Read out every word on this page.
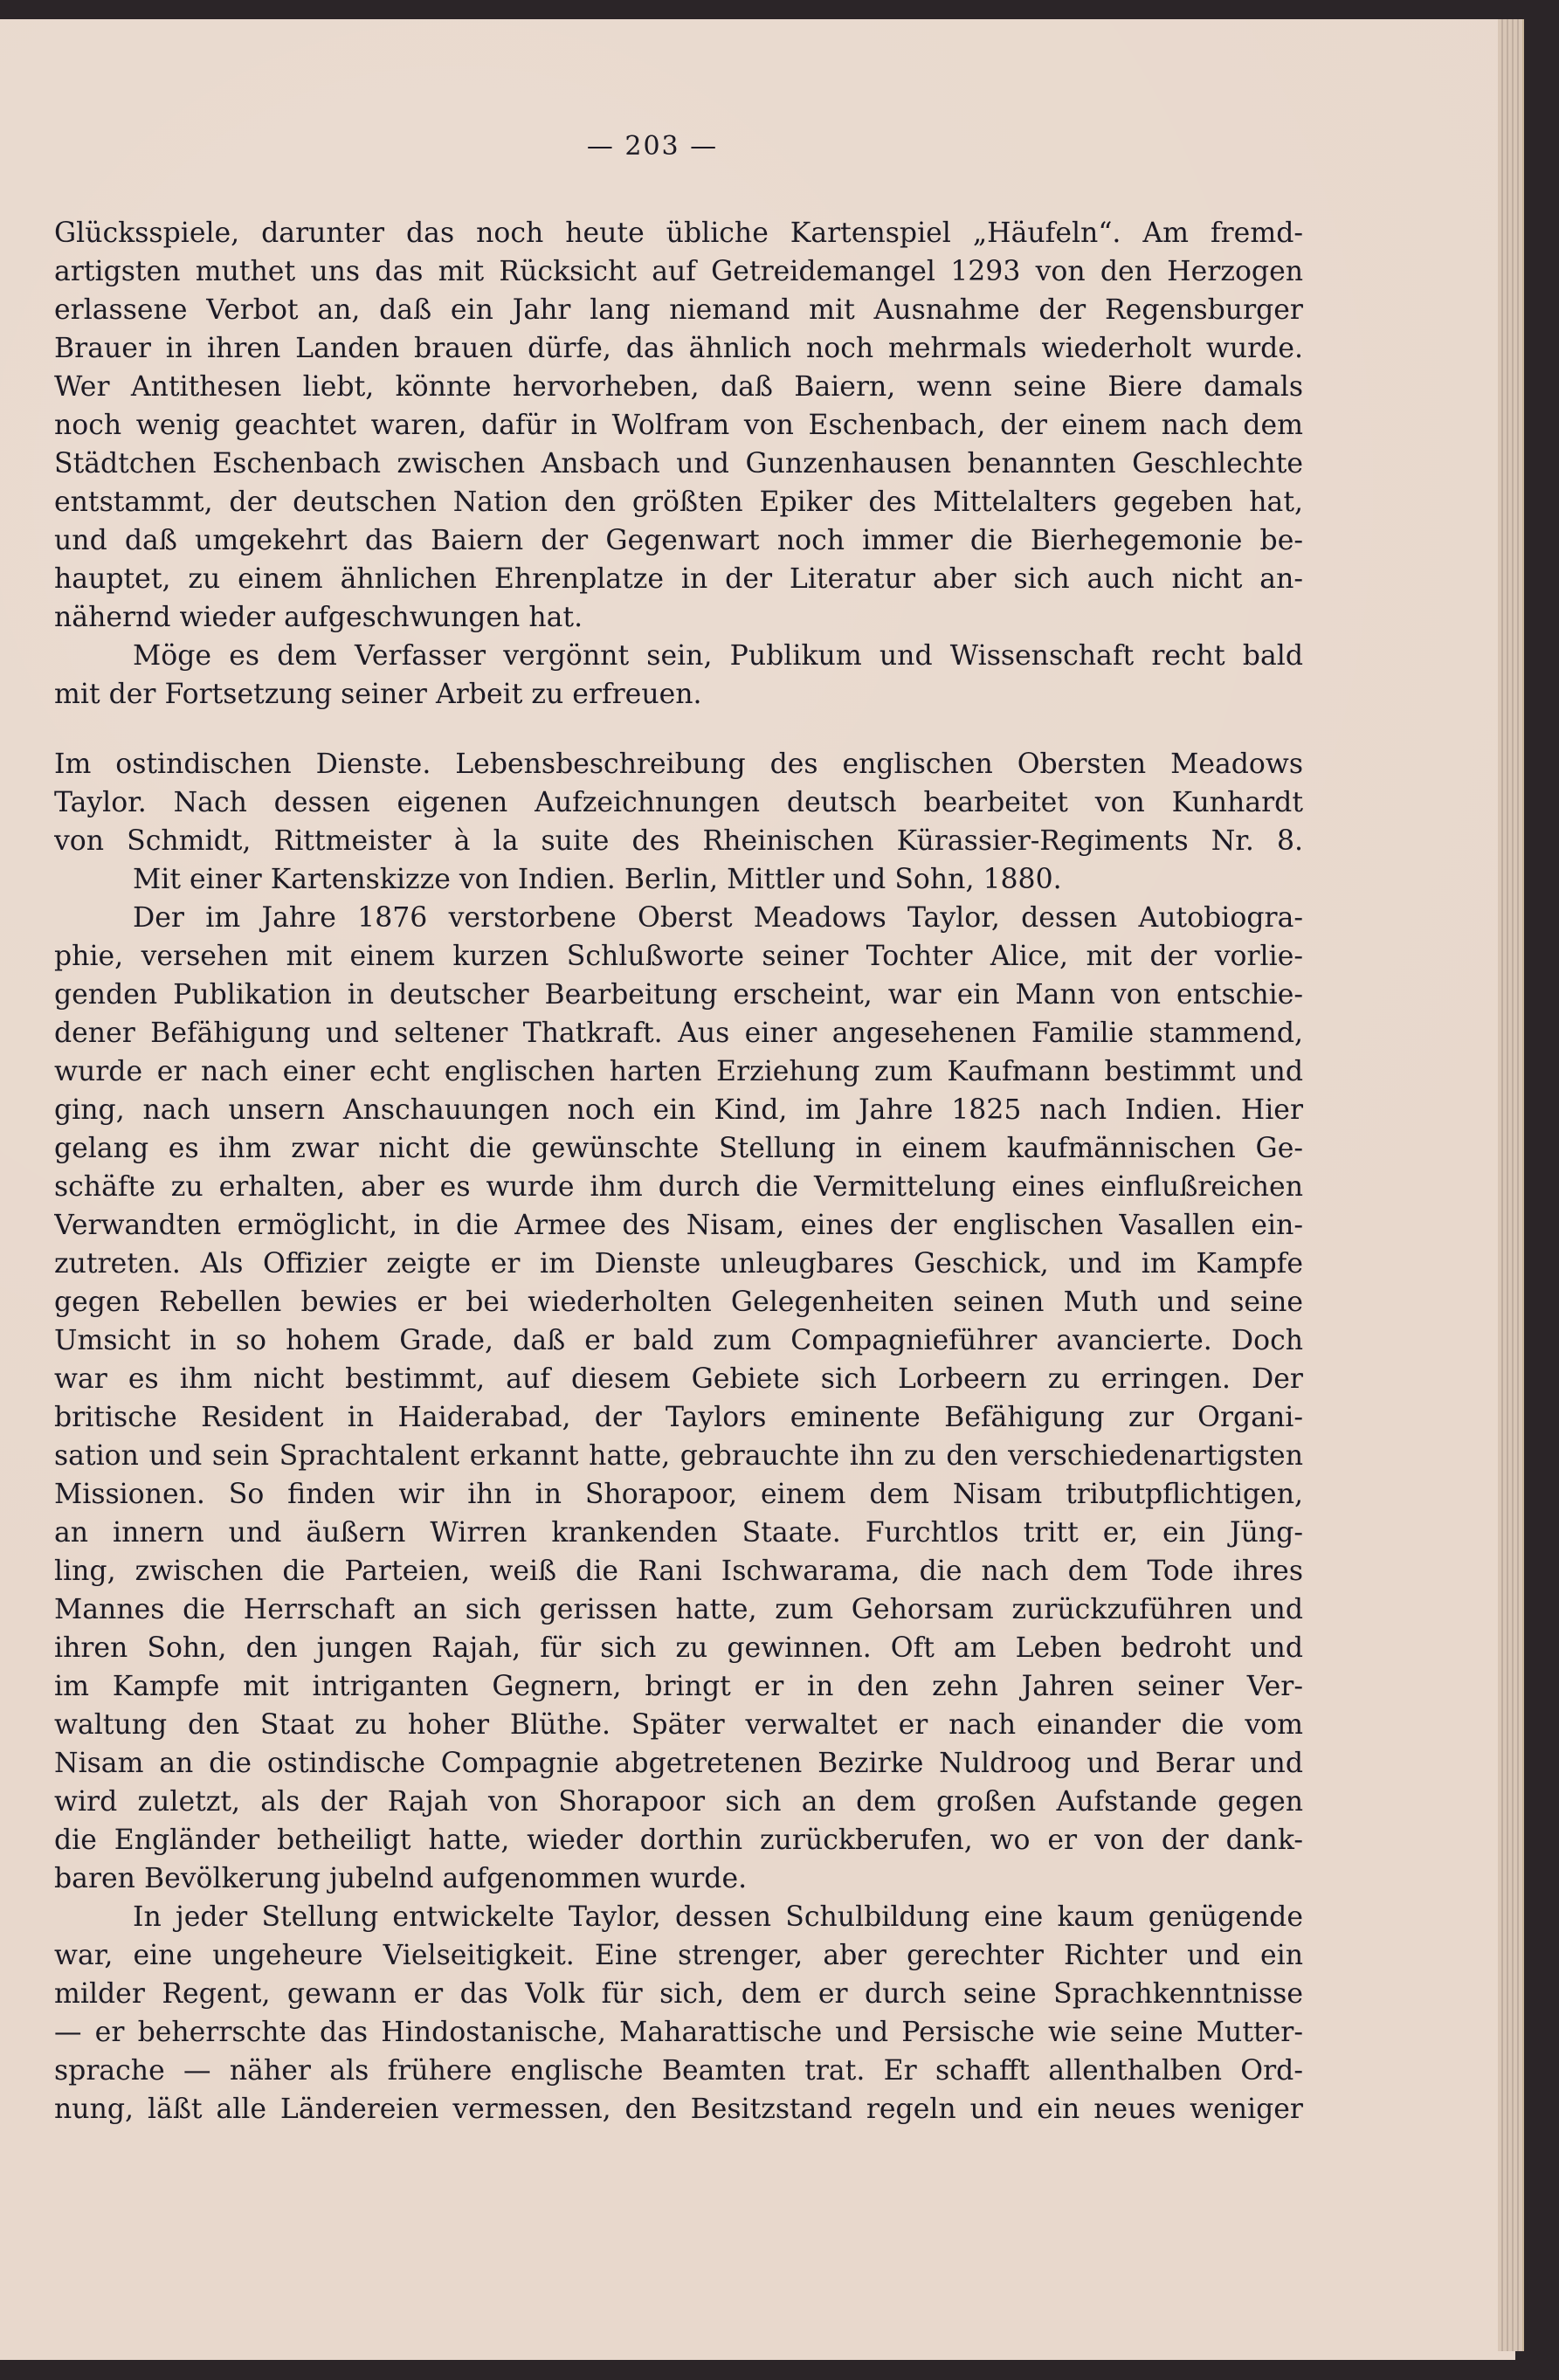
— 203 —
Glücksspiele, darunter das noch heute übliche Kartenspiel „Häufeln“. Am fremd-
artigsten muthet uns das mit Rücksicht auf Getreidemangel 1293 von den Herzogen
erlassene Verbot an, daß ein Jahr lang niemand mit Ausnahme der Regensburger
Brauer in ihren Landen brauen dürfe, das ähnlich noch mehrmals wiederholt wurde.
Wer Antithesen liebt, könnte hervorheben, daß Baiern, wenn seine Biere damals
noch wenig geachtet waren, dafür in Wolfram von Eschenbach, der einem nach dem
Städtchen Eschenbach zwischen Ansbach und Gunzenhausen benannten Geschlechte
entstammt, der deutschen Nation den größten Epiker des Mittelalters gegeben hat,
und daß umgekehrt das Baiern der Gegenwart noch immer die Bierhegemonie be-
hauptet, zu einem ähnlichen Ehrenplatze in der Literatur aber sich auch nicht an-
nähernd wieder aufgeschwungen hat.
Möge es dem Verfasser vergönnt sein, Publikum und Wissenschaft recht bald
mit der Fortsetzung seiner Arbeit zu erfreuen.
Im ostindischen Dienste. Lebensbeschreibung des englischen Obersten Meadows
Taylor. Nach dessen eigenen Aufzeichnungen deutsch bearbeitet von Kunhardt
von Schmidt, Rittmeister à la suite des Rheinischen Kürassier-Regiments Nr. 8.
Mit einer Kartenskizze von Indien. Berlin, Mittler und Sohn, 1880.
Der im Jahre 1876 verstorbene Oberst Meadows Taylor, dessen Autobiogra-
phie, versehen mit einem kurzen Schlußworte seiner Tochter Alice, mit der vorlie-
genden Publikation in deutscher Bearbeitung erscheint, war ein Mann von entschie-
dener Befähigung und seltener Thatkraft. Aus einer angesehenen Familie stammend,
wurde er nach einer echt englischen harten Erziehung zum Kaufmann bestimmt und
ging, nach unsern Anschauungen noch ein Kind, im Jahre 1825 nach Indien. Hier
gelang es ihm zwar nicht die gewünschte Stellung in einem kaufmännischen Ge-
schäfte zu erhalten, aber es wurde ihm durch die Vermittelung eines einflußreichen
Verwandten ermöglicht, in die Armee des Nisam, eines der englischen Vasallen ein-
zutreten. Als Offizier zeigte er im Dienste unleugbares Geschick, und im Kampfe
gegen Rebellen bewies er bei wiederholten Gelegenheiten seinen Muth und seine
Umsicht in so hohem Grade, daß er bald zum Compagnieführer avancierte. Doch
war es ihm nicht bestimmt, auf diesem Gebiete sich Lorbeern zu erringen. Der
britische Resident in Haiderabad, der Taylors eminente Befähigung zur Organi-
sation und sein Sprachtalent erkannt hatte, gebrauchte ihn zu den verschiedenartigsten
Missionen. So finden wir ihn in Shorapoor, einem dem Nisam tributpflichtigen,
an innern und äußern Wirren krankenden Staate. Furchtlos tritt er, ein Jüng-
ling, zwischen die Parteien, weiß die Rani Ischwarama, die nach dem Tode ihres
Mannes die Herrschaft an sich gerissen hatte, zum Gehorsam zurückzuführen und
ihren Sohn, den jungen Rajah, für sich zu gewinnen. Oft am Leben bedroht und
im Kampfe mit intriganten Gegnern, bringt er in den zehn Jahren seiner Ver-
waltung den Staat zu hoher Blüthe. Später verwaltet er nach einander die vom
Nisam an die ostindische Compagnie abgetretenen Bezirke Nuldroog und Berar und
wird zuletzt, als der Rajah von Shorapoor sich an dem großen Aufstande gegen
die Engländer betheiligt hatte, wieder dorthin zurückberufen, wo er von der dank-
baren Bevölkerung jubelnd aufgenommen wurde.
In jeder Stellung entwickelte Taylor, dessen Schulbildung eine kaum genügende
war, eine ungeheure Vielseitigkeit. Eine strenger, aber gerechter Richter und ein
milder Regent, gewann er das Volk für sich, dem er durch seine Sprachkenntnisse
— er beherrschte das Hindostanische, Maharattische und Persische wie seine Mutter-
sprache — näher als frühere englische Beamten trat. Er schafft allenthalben Ord-
nung, läßt alle Ländereien vermessen, den Besitzstand regeln und ein neues weniger
